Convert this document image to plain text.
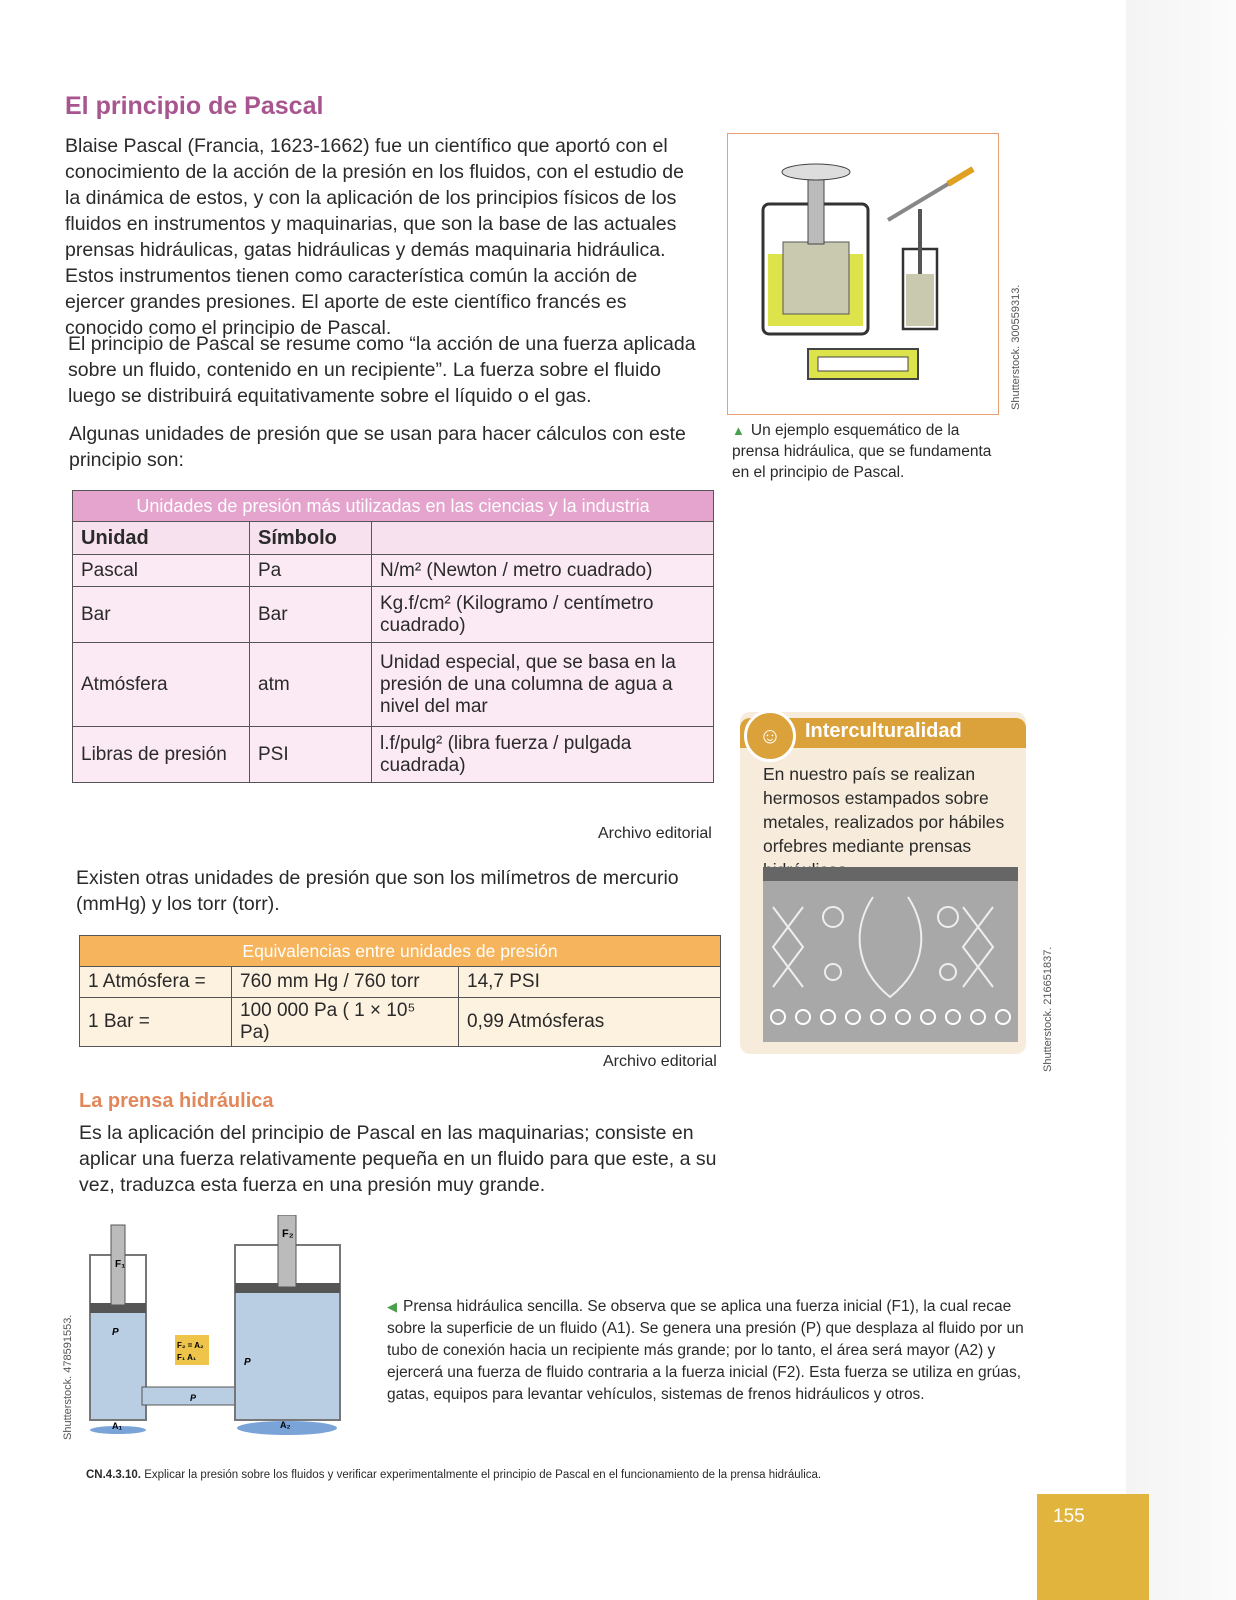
El principio de Pascal

Blaise Pascal (Francia, 1623-1662) fue un científico que aportó con el conocimiento de la acción de la presión en los fluidos, con el estudio de la dinámica de estos, y con la aplicación de los principios físicos de los fluidos en instrumentos y maquinarias, que son la base de las actuales prensas hidráulicas, gatas hidráulicas y demás maquinaria hidráulica. Estos instrumentos tienen como característica común la acción de ejercer grandes presiones. El aporte de este científico francés es conocido como el principio de Pascal.

El principio de Pascal se resume como “la acción de una fuerza aplicada sobre un fluido, contenido en un recipiente”. La fuerza sobre el fluido luego se distribuirá equitativamente sobre el líquido o el gas.

Algunas unidades de presión que se usan para hacer cálculos con este principio son:

Shutterstock. 300559313.
▲ Un ejemplo esquemático de la prensa hidráulica, que se fundamenta en el principio de Pascal.
Unidades de presión más utilizadas en las ciencias y la industria		
Unidad	Símbolo	
Pascal	Pa	N/m² (Newton / metro cuadrado)
Bar	Bar	Kg.f/cm² (Kilogramo / centímetro cuadrado)
Atmósfera	atm	Unidad especial, que se basa en la presión de una columna de agua a nivel del mar
Libras de presión	PSI	l.f/pulg² (libra fuerza / pulgada cuadrada)
Archivo editorial

Existen otras unidades de presión que son los milímetros de mercurio (mmHg) y los torr (torr).

Equivalencias entre unidades de presión		
1 Atmósfera =	760 mm Hg / 760 torr	14,7 PSI
1 Bar =	100 000 Pa ( 1 × 10⁵ Pa)	0,99 Atmósferas
Archivo editorial
☺	Interculturalidad
En nuestro país se realizan hermosos estampados sobre metales, realizados por hábiles orfebres mediante prensas
Shutterstock. 216651837.
La prensa hidráulica

Es la aplicación del principio de Pascal en las maquinarias; consiste en aplicar una fuerza relativamente pequeña en un fluido para que este, a su vez, traduzca esta fuerza en una presión muy grande.

Shutterstock. 478591553.
F₁
F₂
P
P
P
F₂ = A₂
F₁ A₁
A₁	A₂
◀ Prensa hidráulica sencilla. Se observa que se aplica una fuerza inicial (F1), la cual recae sobre la superficie de un fluido (A1). Se genera una presión (P) que desplaza al fluido por un tubo de conexión hacia un recipiente más grande; por lo tanto, el área será mayor (A2) y ejercerá una fuerza de fluido contraria a la fuerza inicial (F2). Esta fuerza se utiliza en grúas, gatas, equipos para levantar vehículos, sistemas de frenos hidráulicos y otros.
CN.4.3.10. Explicar la presión sobre los fluidos y verificar experimentalmente el principio de Pascal en el funcionamiento de la prensa hidráulica.
155
